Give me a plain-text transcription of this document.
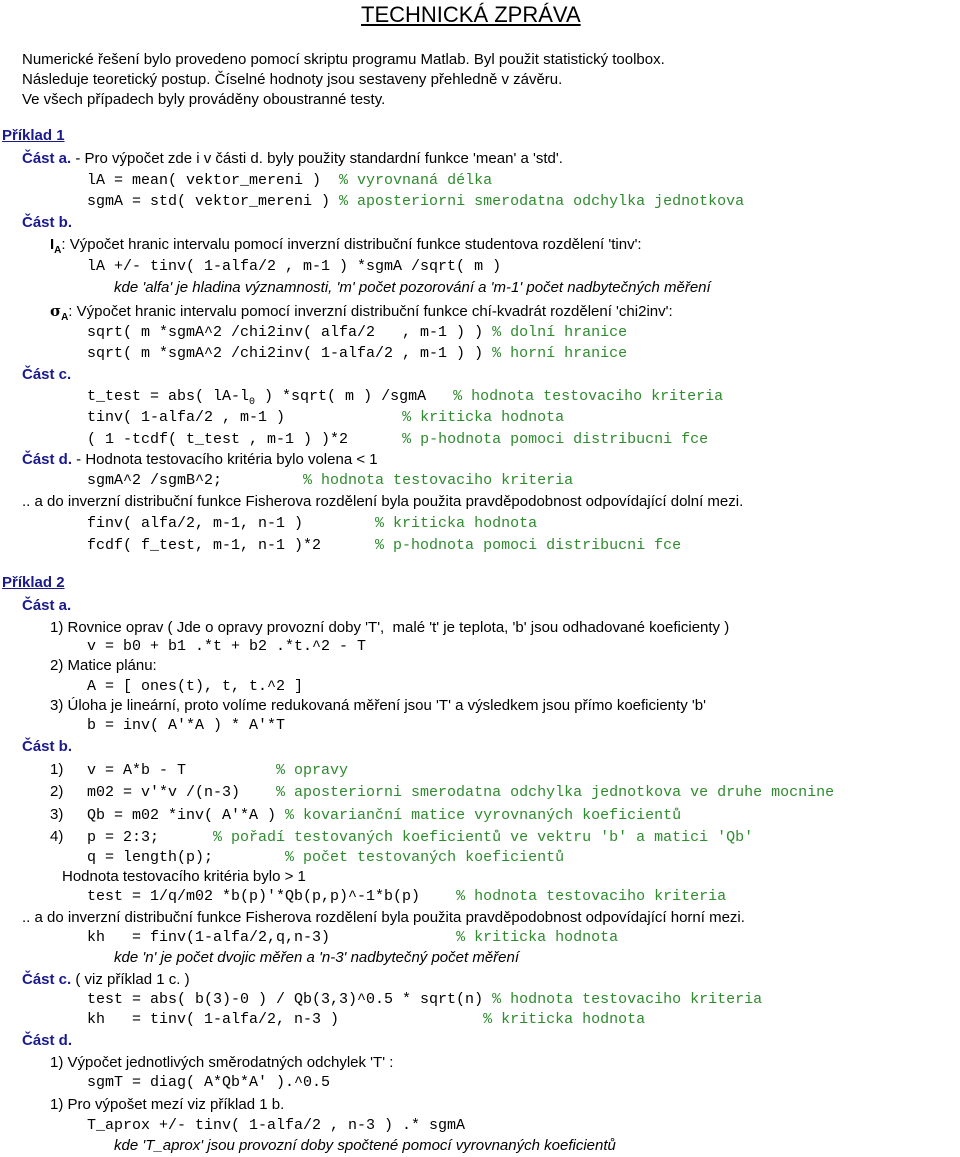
TECHNICKÁ ZPRÁVA
Numerické řešení bylo provedeno pomocí skriptu programu Matlab. Byl použit statistický toolbox.
Následuje teoretický postup. Číselné hodnoty jsou sestaveny přehledně v závěru.
Ve všech případech byly prováděny oboustranné testy.
Příklad 1
Část a. - Pro výpočet zde i v části d. byly použity standardní funkce 'mean' a 'std'.
lA = mean( vektor_mereni )  % vyrovnaná délka
sgmA = std( vektor_mereni ) % aposteriorni smerodatna odchylka jednotkova
Část b.
$I_A$: Výpočet hranic intervalu pomocí inverzní distribuční funkce studentova rozdělení 'tinv':
lA +/- tinv( 1-alfa/2 , m-1 ) *sgmA /sqrt( m )
kde 'alfa' je hladina významnosti, 'm' počet pozorování a 'm-1' počet nadbytečných měření
$\sigma_A$: Výpočet hranic intervalu pomocí inverzní distribuční funkce chí-kvadrát rozdělení 'chi2inv':
sqrt( m *sgmA^2 /chi2inv( alfa/2   , m-1 ) ) % dolní hranice
sqrt( m *sgmA^2 /chi2inv( 1-alfa/2 , m-1 ) ) % horní hranice
Část c.
t_test = abs( $lA-l_0$ ) *sqrt( m ) /sgmA   % hodnota testovaciho kriteria
tinv( 1-alfa/2 , m-1 )             % kriticka hodnota
( 1 -tcdf( t_test , m-1 ) )*2      % p-hodnota pomoci distribucni fce
Část d. - Hodnota testovacího kritéria bylo volena < 1
sgmA^2 /sgmB^2;         % hodnota testovaciho kriteria
.. a do inverzní distribuční funkce Fisherova rozdělení byla použita pravděpodobnost odpovídající dolní mezi.
finv( alfa/2, m-1, n-1 )        % kriticka hodnota
fcdf( f_test, m-1, n-1 )*2      % p-hodnota pomoci distribucni fce
Příklad 2
Část a.
1) Rovnice oprav ( Jde o opravy provozní doby 'T',  malé 't' je teplota, 'b' jsou odhadované koeficienty )
v = b0 + b1 .*t + b2 .*t.^2 - T
2) Matice plánu:
A = [ ones(t), t, t.^2 ]
3) Úloha je lineární, proto volíme redukovaná měření jsou 'T' a výsledkem jsou přímo koeficienty 'b'
b = inv( A'*A ) * A'*T
Část b.
1) v = A*b - T          % opravy
2) m02 = v'*v /(n-3)    % aposteriorni smerodatna odchylka jednotkova ve druhe mocnine
3) Qb = m02 *inv( A'*A ) % kovarianční matice vyrovnaných koeficientů
4) p = 2:3;      % pořadí testovaných koeficientů ve vektru 'b' a matici 'Qb'
q = length(p);        % počet testovaných koeficientů
Hodnota testovacího kritéria bylo > 1
test = 1/q/m02 *b(p)'*Qb(p,p)^-1*b(p)    % hodnota testovaciho kriteria
.. a do inverzní distribuční funkce Fisherova rozdělení byla použita pravděpodobnost odpovídající horní mezi.
kh   = finv(1-alfa/2,q,n-3)              % kriticka hodnota
kde 'n' je počet dvojic měřen a 'n-3' nadbytečný počet měření
Část c. ( viz příklad 1 c. )
test = abs( b(3)-0 ) / Qb(3,3)^0.5 * sqrt(n) % hodnota testovaciho kriteria
kh   = tinv( 1-alfa/2, n-3 )                % kriticka hodnota
Část d.
1) Výpočet jednotlivých směrodatných odchylek 'T' :
sgmT = diag( A*Qb*A' ).^0.5
1) Pro výpošet mezí viz příklad 1 b.
T_aprox +/- tinv( 1-alfa/2 , n-3 ) .* sgmA
kde 'T_aprox' jsou provozní doby spočtené pomocí vyrovnaných koeficientů
